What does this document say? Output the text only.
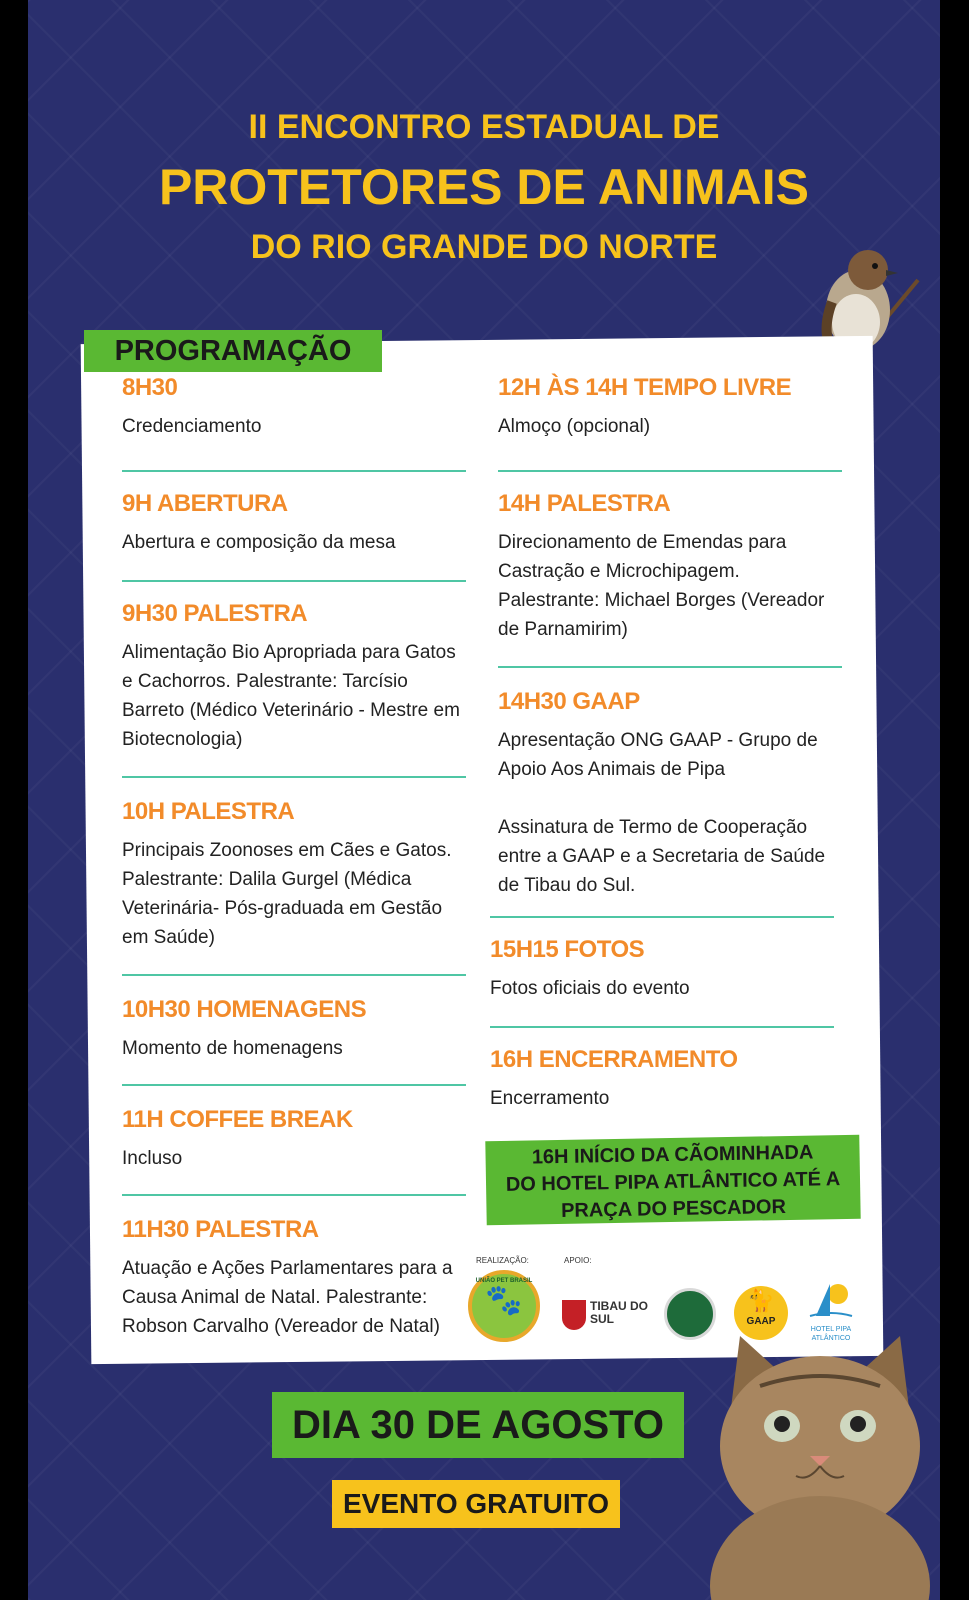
II ENCONTRO ESTADUAL DE
PROTETORES DE ANIMAIS
DO RIO GRANDE DO NORTE
PROGRAMAÇÃO
8H30
Credenciamento
9H ABERTURA
Abertura e composição da mesa
9H30 PALESTRA
Alimentação Bio Apropriada para Gatos e Cachorros. Palestrante: Tarcísio Barreto (Médico Veterinário - Mestre em Biotecnologia)
10H PALESTRA
Principais Zoonoses em Cães e Gatos. Palestrante: Dalila Gurgel (Médica Veterinária- Pós-graduada em Gestão em Saúde)
10H30 HOMENAGENS
Momento de homenagens
11H COFFEE BREAK
Incluso
11H30 PALESTRA
Atuação e Ações Parlamentares para a Causa Animal de Natal. Palestrante: Robson Carvalho (Vereador de Natal)
12H ÀS 14H TEMPO LIVRE
Almoço (opcional)
14H PALESTRA
Direcionamento de Emendas para Castração e Microchipagem.
Palestrante: Michael Borges (Vereador de Parnamirim)
14H30 GAAP
Apresentação ONG GAAP - Grupo de Apoio Aos Animais de Pipa

Assinatura de Termo de Cooperação entre a GAAP e a Secretaria de Saúde de Tibau do Sul.
15H15 FOTOS
Fotos oficiais do evento
16H ENCERRAMENTO
Encerramento
16H INÍCIO DA CÃOMINHADA
DO HOTEL PIPA ATLÂNTICO ATÉ A
PRAÇA DO PESCADOR
REALIZAÇÃO:	APOIO:
UNIÃO PET BRASIL
🐾	TIBAU DO SUL
🐈
GAAP
HOTEL PIPA ATLÂNTICO
DIA 30 DE AGOSTO
EVENTO GRATUITO
